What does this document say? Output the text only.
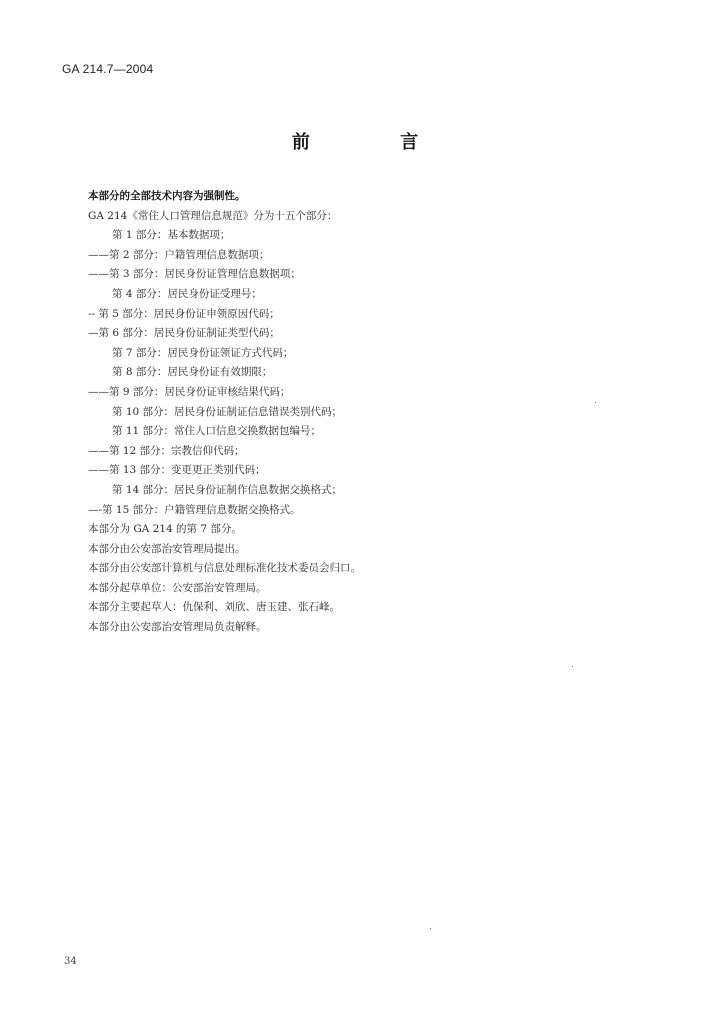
GA 214.7—2004
前 言
本部分的全部技术内容为强制性。
GA 214《常住人口管理信息规范》分为十五个部分：
第 1 部分：基本数据项；
——第 2 部分：户籍管理信息数据项；
——第 3 部分：居民身份证管理信息数据项；
第 4 部分：居民身份证受理号；
-- 第 5 部分：居民身份证申领原因代码；
—第 6 部分：居民身份证制证类型代码；
第 7 部分：居民身份证领证方式代码；
第 8 部分：居民身份证有效期限；
——第 9 部分：居民身份证审核结果代码；
第 10 部分：居民身份证制证信息错误类别代码；
第 11 部分：常住人口信息交换数据包编号；
——第 12 部分：宗教信仰代码；
——第 13 部分：变更更正类别代码；
第 14 部分：居民身份证制作信息数据交换格式；
—-第 15 部分：户籍管理信息数据交换格式。
本部分为 GA 214 的第 7 部分。
本部分由公安部治安管理局提出。
本部分由公安部计算机与信息处理标准化技术委员会归口。
本部分起草单位：公安部治安管理局。
本部分主要起草人：仇保利、刘欣、唐玉建、张石峰。
本部分由公安部治安管理局负责解释。
34
